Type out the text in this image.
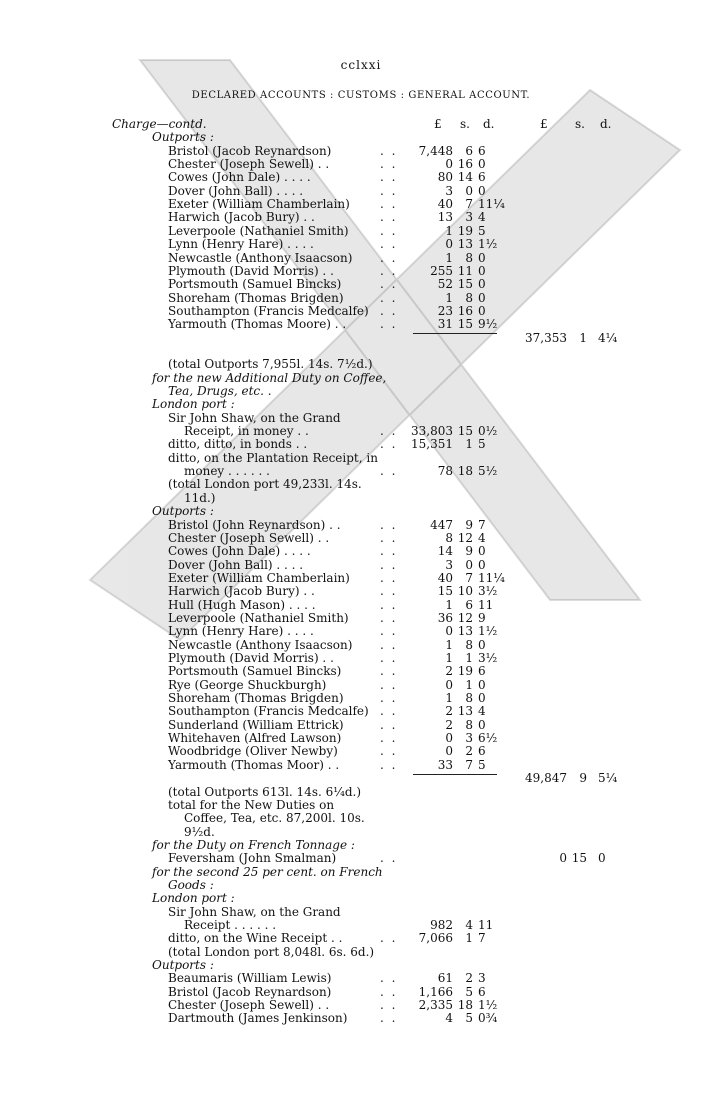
cclxxi
DECLARED ACCOUNTS : CUSTOMS : GENERAL ACCOUNT.
£ s. d.	£ s. d.
Charge—contd.
Outports :
Bristol (Jacob Reynardson)	. .	7,448	6 6
Chester (Joseph Sewell) . .	. .	0 16 0
Cowes (John Dale) . . . .	. .	80 14 6
Dover (John Ball) . . . .	. .	3	0 0
Exeter (William Chamberlain)	. .	40	7 11¼
Harwich (Jacob Bury) . .	. .	13	3 4
Leverpoole (Nathaniel Smith)	. .	1 19 5
Lynn (Henry Hare) . . . .	. .	0 13 1½
Newcastle (Anthony Isaacson) . .	1	8 0
Plymouth (David Morris) . .	. .	255 11 0
Portsmouth (Samuel Bincks)	. .	52 15 0
Shoreham (Thomas Brigden)	. .	1	8 0
Southampton (Francis Medcalfe) . .	23 16 0
Yarmouth (Thomas Moore) . .	. .	31 15 9½
37,353	1 4¼
(total Outports 7,955l. 14s. 7½d.)
for the new Additional Duty on Coffee,
Tea, Drugs, etc. .
London port :
Sir John Shaw, on the Grand
Receipt, in money . .	. .	33,803 15 0½
ditto, ditto, in bonds . .	. .	15,351	1 5
ditto, on the Plantation Receipt, in
money . . . . . .	. .	78 18 5½
(total London port 49,233l. 14s.
11d.)
Outports :
Bristol (John Reynardson) . .	. .	447	9 7
Chester (Joseph Sewell) . .	. .	8 12 4
Cowes (John Dale) . . . .	. .	14	9 0
Dover (John Ball) . . . .	. .	3	0 0
Exeter (William Chamberlain)	. .	40	7 11¼
Harwich (Jacob Bury) . .	. .	15 10 3½
Hull (Hugh Mason) . . . .	. .	1	6 11
Leverpoole (Nathaniel Smith)	. .	36 12 9
Lynn (Henry Hare) . . . .	. .	0 13 1½
Newcastle (Anthony Isaacson) . .	1	8 0
Plymouth (David Morris) . .	. .	1	1 3½
Portsmouth (Samuel Bincks)	. .	2 19 6
Rye (George Shuckburgh)	. .	0	1 0
Shoreham (Thomas Brigden)	. .	1	8 0
Southampton (Francis Medcalfe) . .	2 13 4
Sunderland (William Ettrick)	. .	2	8 0
Whitehaven (Alfred Lawson)	. .	0	3 6½
Woodbridge (Oliver Newby)	. .	0	2 6
Yarmouth (Thomas Moor) . .	. .	33	7 5
49,847	9 5¼
(total Outports 613l. 14s. 6¼d.)
total for the New Duties on
Coffee, Tea, etc. 87,200l. 10s.
9½d.
for the Duty on French Tonnage :
Feversham (John Smalman)	. .	0 15 0
for the second 25 per cent. on French
Goods :
London port :
Sir John Shaw, on the Grand
Receipt . . . . . .	982	4 11
ditto, on the Wine Receipt . .	. .	7,066	1 7
(total London port 8,048l. 6s. 6d.)
Outports :
Beaumaris (William Lewis)	. .	61	2 3
Bristol (Jacob Reynardson)	. .	1,166	5 6
Chester (Joseph Sewell) . .	. .	2,335 18 1½
Dartmouth (James Jenkinson)	. .	4	5 0¾
